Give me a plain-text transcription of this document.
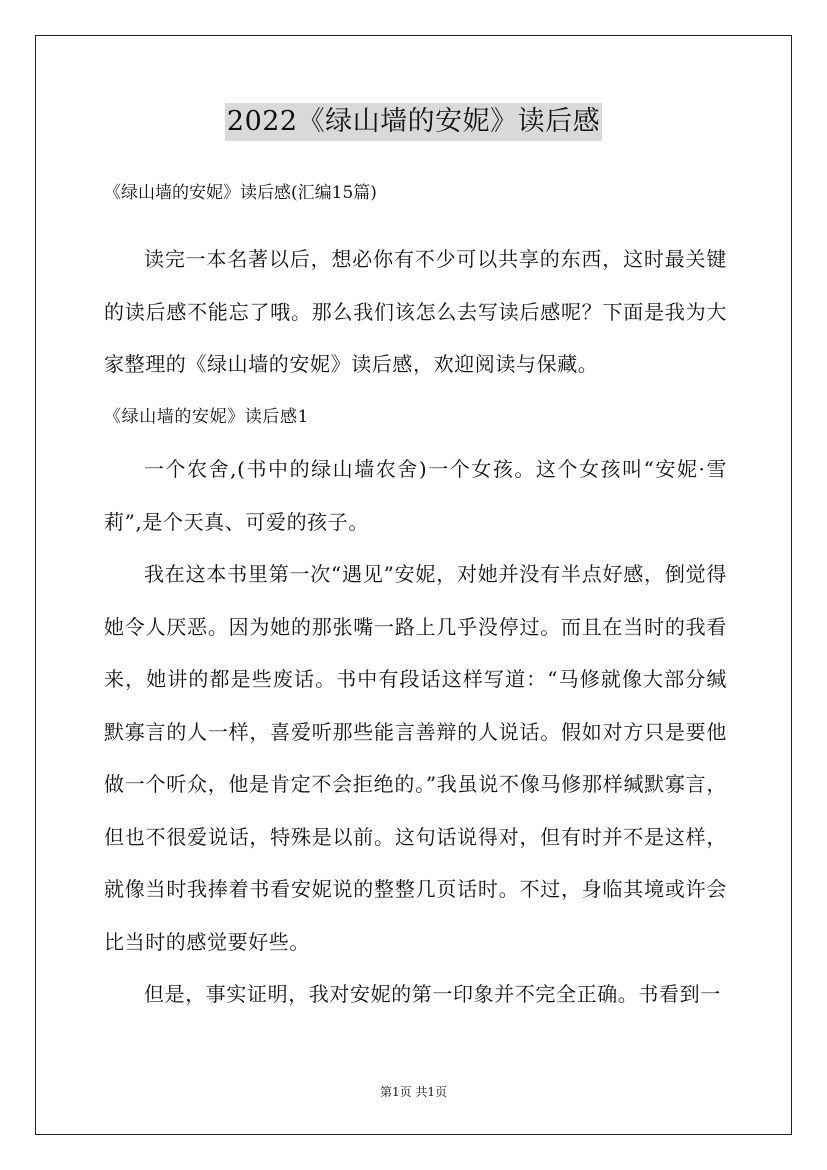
2022《绿山墙的安妮》读后感
《绿山墙的安妮》读后感(汇编15篇)

读完一本名著以后，想必你有不少可以共享的东西，这时最关键的读后感不能忘了哦。那么我们该怎么去写读后感呢？下面是我为大家整理的《绿山墙的安妮》读后感，欢迎阅读与保藏。

《绿山墙的安妮》读后感1

一个农舍,(书中的绿山墙农舍)一个女孩。这个女孩叫“安妮·雪莉”,是个天真、可爱的孩子。

我在这本书里第一次“遇见”安妮，对她并没有半点好感，倒觉得她令人厌恶。因为她的那张嘴一路上几乎没停过。而且在当时的我看来，她讲的都是些废话。书中有段话这样写道：“马修就像大部分缄默寡言的人一样，喜爱听那些能言善辩的人说话。假如对方只是要他做一个听众，他是肯定不会拒绝的。”我虽说不像马修那样缄默寡言，但也不很爱说话，特殊是以前。这句话说得对，但有时并不是这样，就像当时我捧着书看安妮说的整整几页话时。不过，身临其境或许会比当时的感觉要好些。

但是，事实证明，我对安妮的第一印象并不完全正确。书看到一

第1页 共1页
